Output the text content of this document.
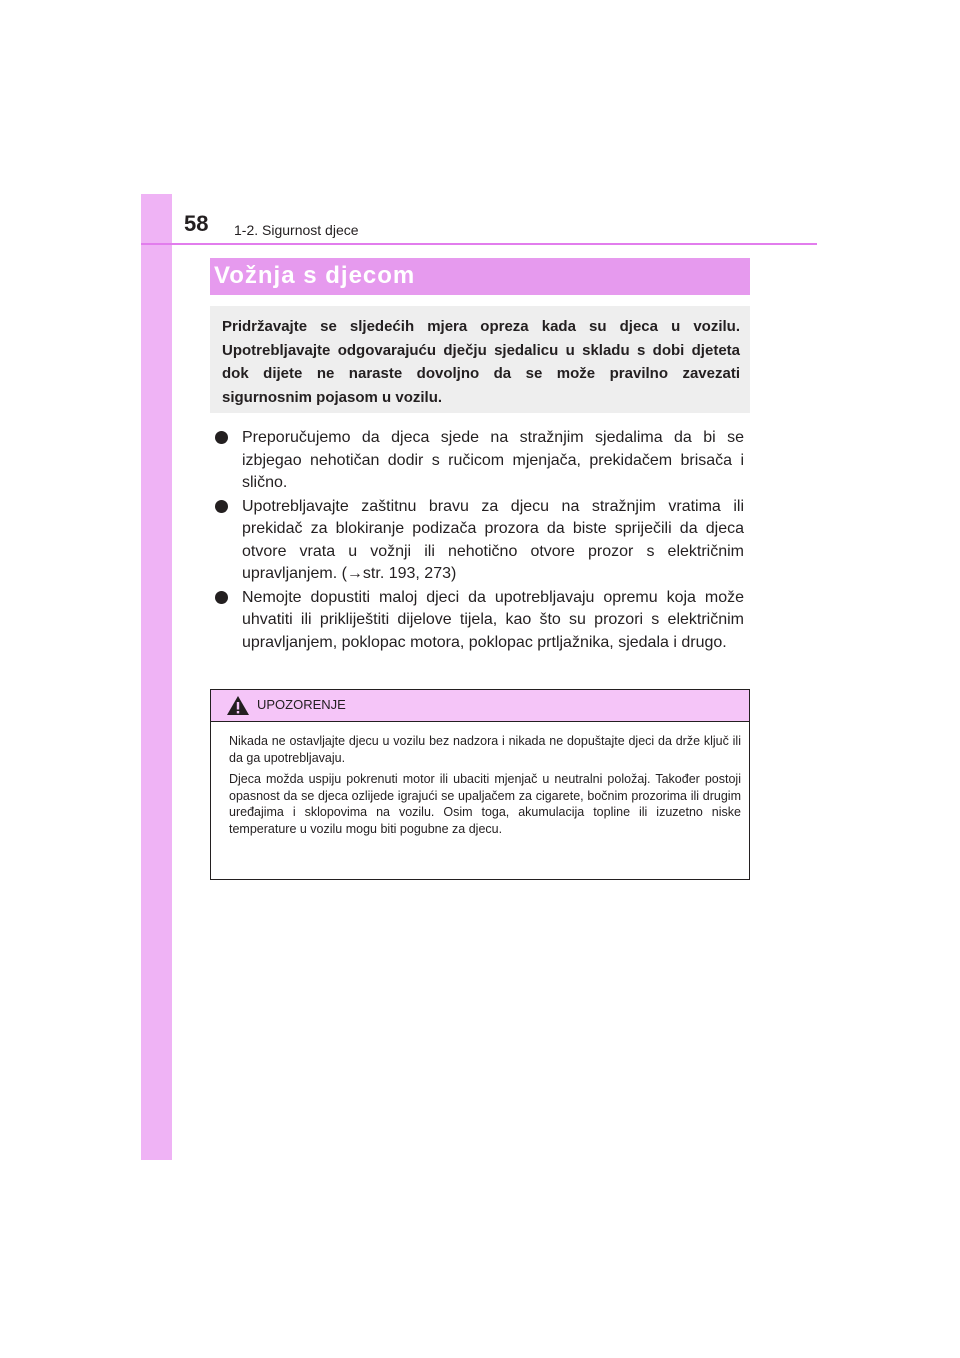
58 1-2. Sigurnost djece
Vožnja s djecom

Pridržavajte se sljedećih mjera opreza kada su djeca u vozilu. Upotrebljavajte odgovarajuću dječju sjedalicu u skladu s dobi djeteta dok dijete ne naraste dovoljno da se može pravilno zavezati sigurnosnim pojasom u vozilu.

Preporučujemo da djeca sjede na stražnjim sjedalima da bi se izbjegao nehotičan dodir s ručicom mjenjača, prekidačem brisača i slično.
Upotrebljavajte zaštitnu bravu za djecu na stražnjim vratima ili prekidač za blokiranje podizača prozora da biste spriječili da djeca otvore vrata u vožnji ili nehotično otvore prozor s električnim upravljanjem. (→str. 193, 273)
Nemojte dopustiti maloj djeci da upotrebljavaju opremu koja može uhvatiti ili prikliještiti dijelove tijela, kao što su prozori s električnim upravljanjem, poklopac motora, poklopac prtljažnika, sjedala i drugo.
UPOZORENJE

Nikada ne ostavljajte djecu u vozilu bez nadzora i nikada ne dopuštajte djeci da drže ključ ili da ga upotrebljavaju.

Djeca možda uspiju pokrenuti motor ili ubaciti mjenjač u neutralni položaj. Također postoji opasnost da se djeca ozlijede igrajući se upaljačem za cigarete, bočnim prozorima ili drugim uređajima i sklopovima na vozilu. Osim toga, akumulacija topline ili izuzetno niske temperature u vozilu mogu biti pogubne za djecu.
